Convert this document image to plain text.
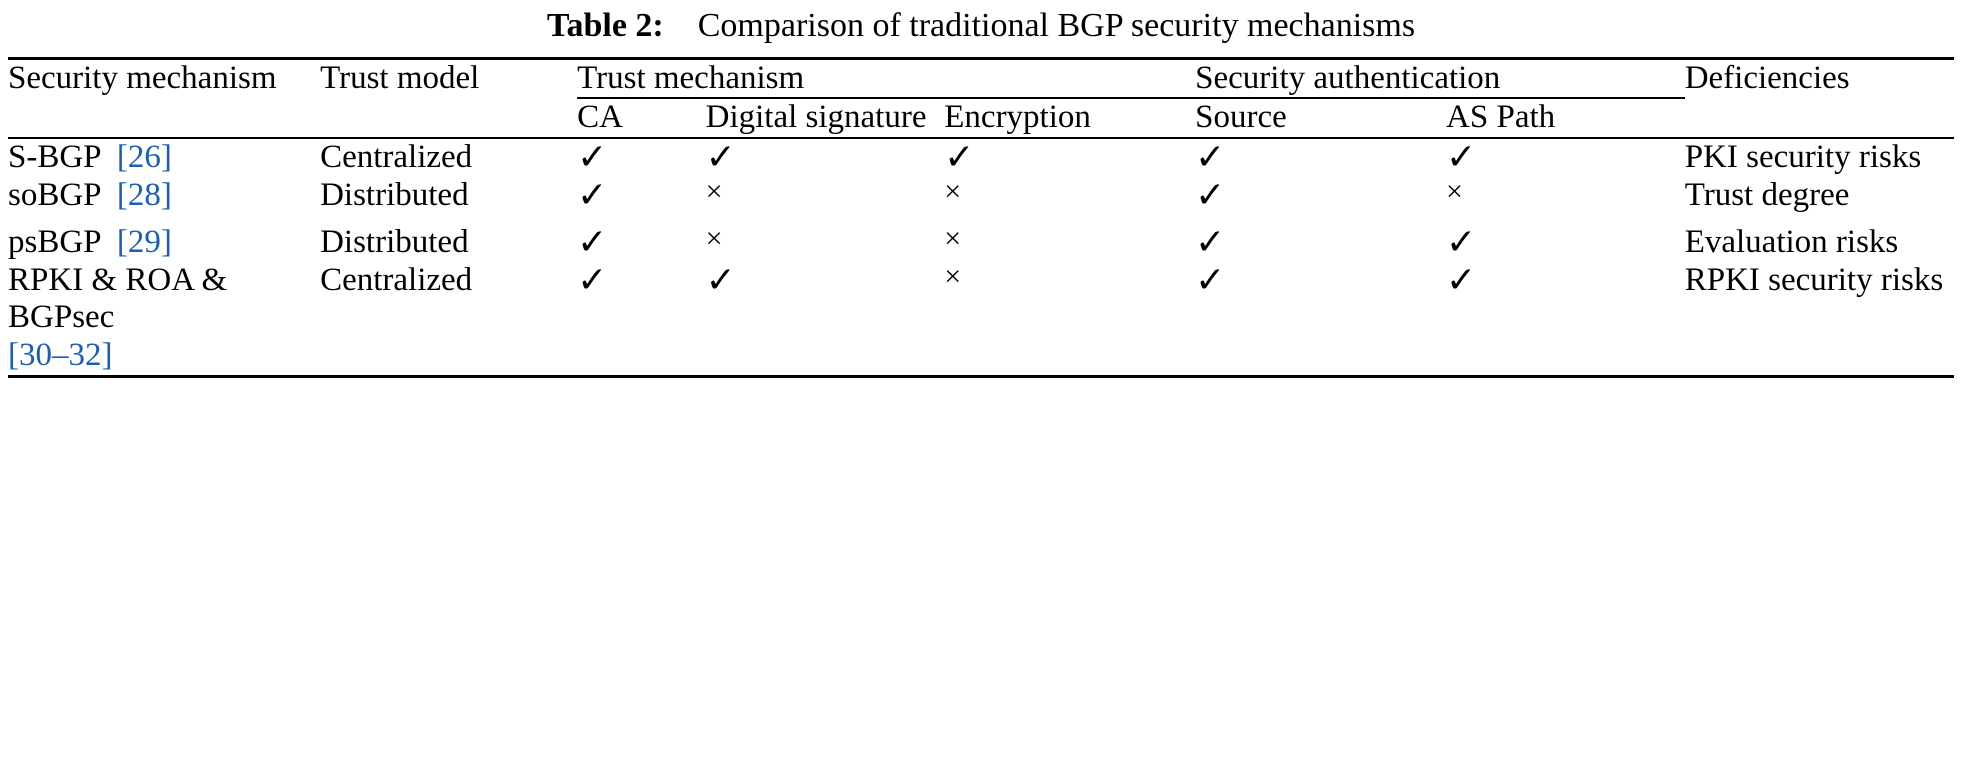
Table 2: Comparison of traditional BGP security mechanisms

Security mechanism	Trust model	Trust mechanism			Security authentication		Deficiencies
		CA	Digital signature	Encryption	Source	AS Path	

S-BGP [26]	Centralized	✓	✓	✓	✓	✓	PKI security risks
soBGP [28]	Distributed	✓	×	×	✓	×	Trust degree
psBGP [29]	Distributed	✓	×	×	✓	✓	Evaluation risks
RPKI & ROA & BGPsec
[30–32]	Centralized	✓	✓	×	✓	✓	RPKI security risks
